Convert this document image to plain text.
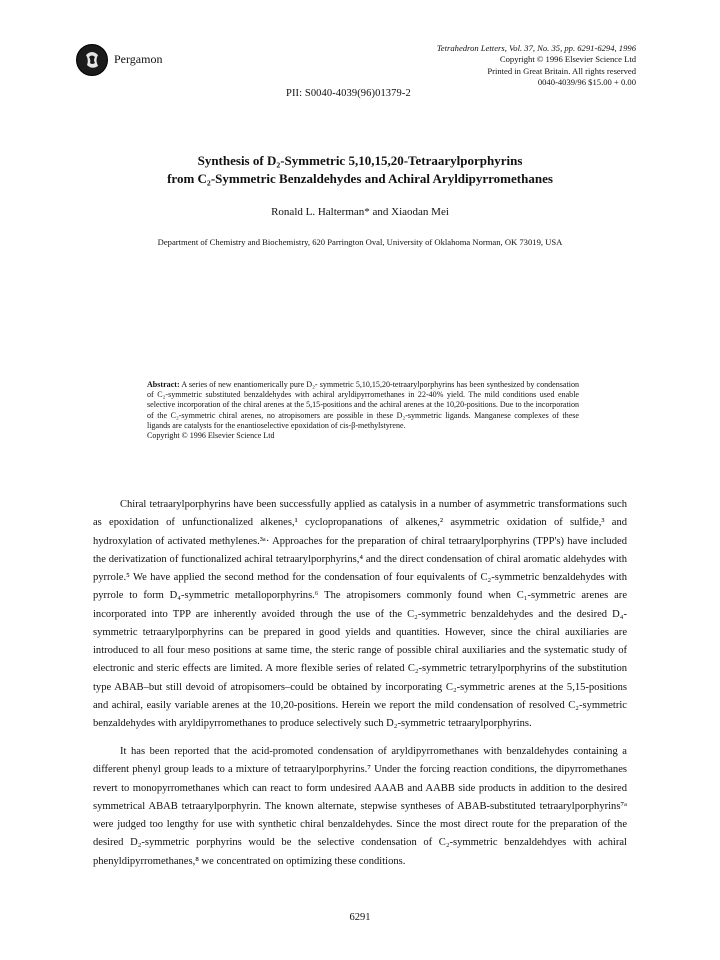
Pergamon
Tetrahedron Letters, Vol. 37, No. 35, pp. 6291-6294, 1996
Copyright © 1996 Elsevier Science Ltd
Printed in Great Britain. All rights reserved
0040-4039/96 $15.00 + 0.00
PII: S0040-4039(96)01379-2
Synthesis of D₂-Symmetric 5,10,15,20-Tetraarylporphyrins
from C₂-Symmetric Benzaldehydes and Achiral Aryldipyrromethanes
Ronald L. Halterman* and Xiaodan Mei
Department of Chemistry and Biochemistry, 620 Parrington Oval, University of Oklahoma Norman, OK 73019, USA
Abstract: A series of new enantiomerically pure D₂- symmetric 5,10,15,20-tetraarylporphyrins has been synthesized by condensation of C₂-symmetric substituted benzaldehydes with achiral aryldipyrromethanes in 22-40% yield. The mild conditions used enable selective incorporation of the chiral arenes at the 5,15-positions and the achiral arenes at the 10,20-positions. Due to the incorporation of the C₂-symmetric chiral arenes, no atropisomers are possible in these D₂-symmetric ligands. Manganese complexes of these ligands are catalysts for the enantioselective epoxidation of cis-β-methylstyrene.
Copyright © 1996 Elsevier Science Ltd

Chiral tetraarylporphyrins have been successfully applied as catalysis in a number of asymmetric transformations such as epoxidation of unfunctionalized alkenes,¹ cyclopropanations of alkenes,² asymmetric oxidation of sulfide,³ and hydroxylation of activated methylenes.³ᵃ· Approaches for the preparation of chiral tetraarylporphyrins (TPP's) have included the derivatization of functionalized achiral tetraarylporphyrins,⁴ and the direct condensation of chiral aromatic aldehydes with pyrrole.⁵ We have applied the second method for the condensation of four equivalents of C₂-symmetric benzaldehydes with pyrrole to form D₄-symmetric metalloporphyrins.⁶ The atropisomers commonly found when C₁-symmetric arenes are incorporated into TPP are inherently avoided through the use of the C₂-symmetric benzaldehydes and the desired D₄-symmetric tetraarylporphyrins can be prepared in good yields and quantities. However, since the chiral auxiliaries are introduced to all four meso positions at same time, the steric range of possible chiral auxiliaries and the systematic study of electronic and steric effects are limited. A more flexible series of related C₂-symmetric tetrarylporphyrins of the substitution type ABAB–but still devoid of atropisomers–could be obtained by incorporating C₂-symmetric arenes at the 5,15-positions and achiral, easily variable arenes at the 10,20-positions. Herein we report the mild condensation of resolved C₂-symmetric benzaldehydes with aryldipyrromethanes to produce selectively such D₂-symmetric tetraarylporphyrins.

It has been reported that the acid-promoted condensation of aryldipyrromethanes with benzaldehydes containing a different phenyl group leads to a mixture of tetraarylporphyrins.⁷ Under the forcing reaction conditions, the dipyrromethanes revert to monopyrromethanes which can react to form undesired AAAB and AABB side products in addition to the desired symmetrical ABAB tetraarylporphyrin. The known alternate, stepwise syntheses of ABAB-substituted tetraarylporphyrins⁷ᵃ were judged too lengthy for use with synthetic chiral benzaldehydes. Since the most direct route for the preparation of the desired D₂-symmetric porphyrins would be the selective condensation of C₂-symmetric benzaldehdyes with achiral phenyldipyrromethanes,⁸ we concentrated on optimizing these conditions.

6291
